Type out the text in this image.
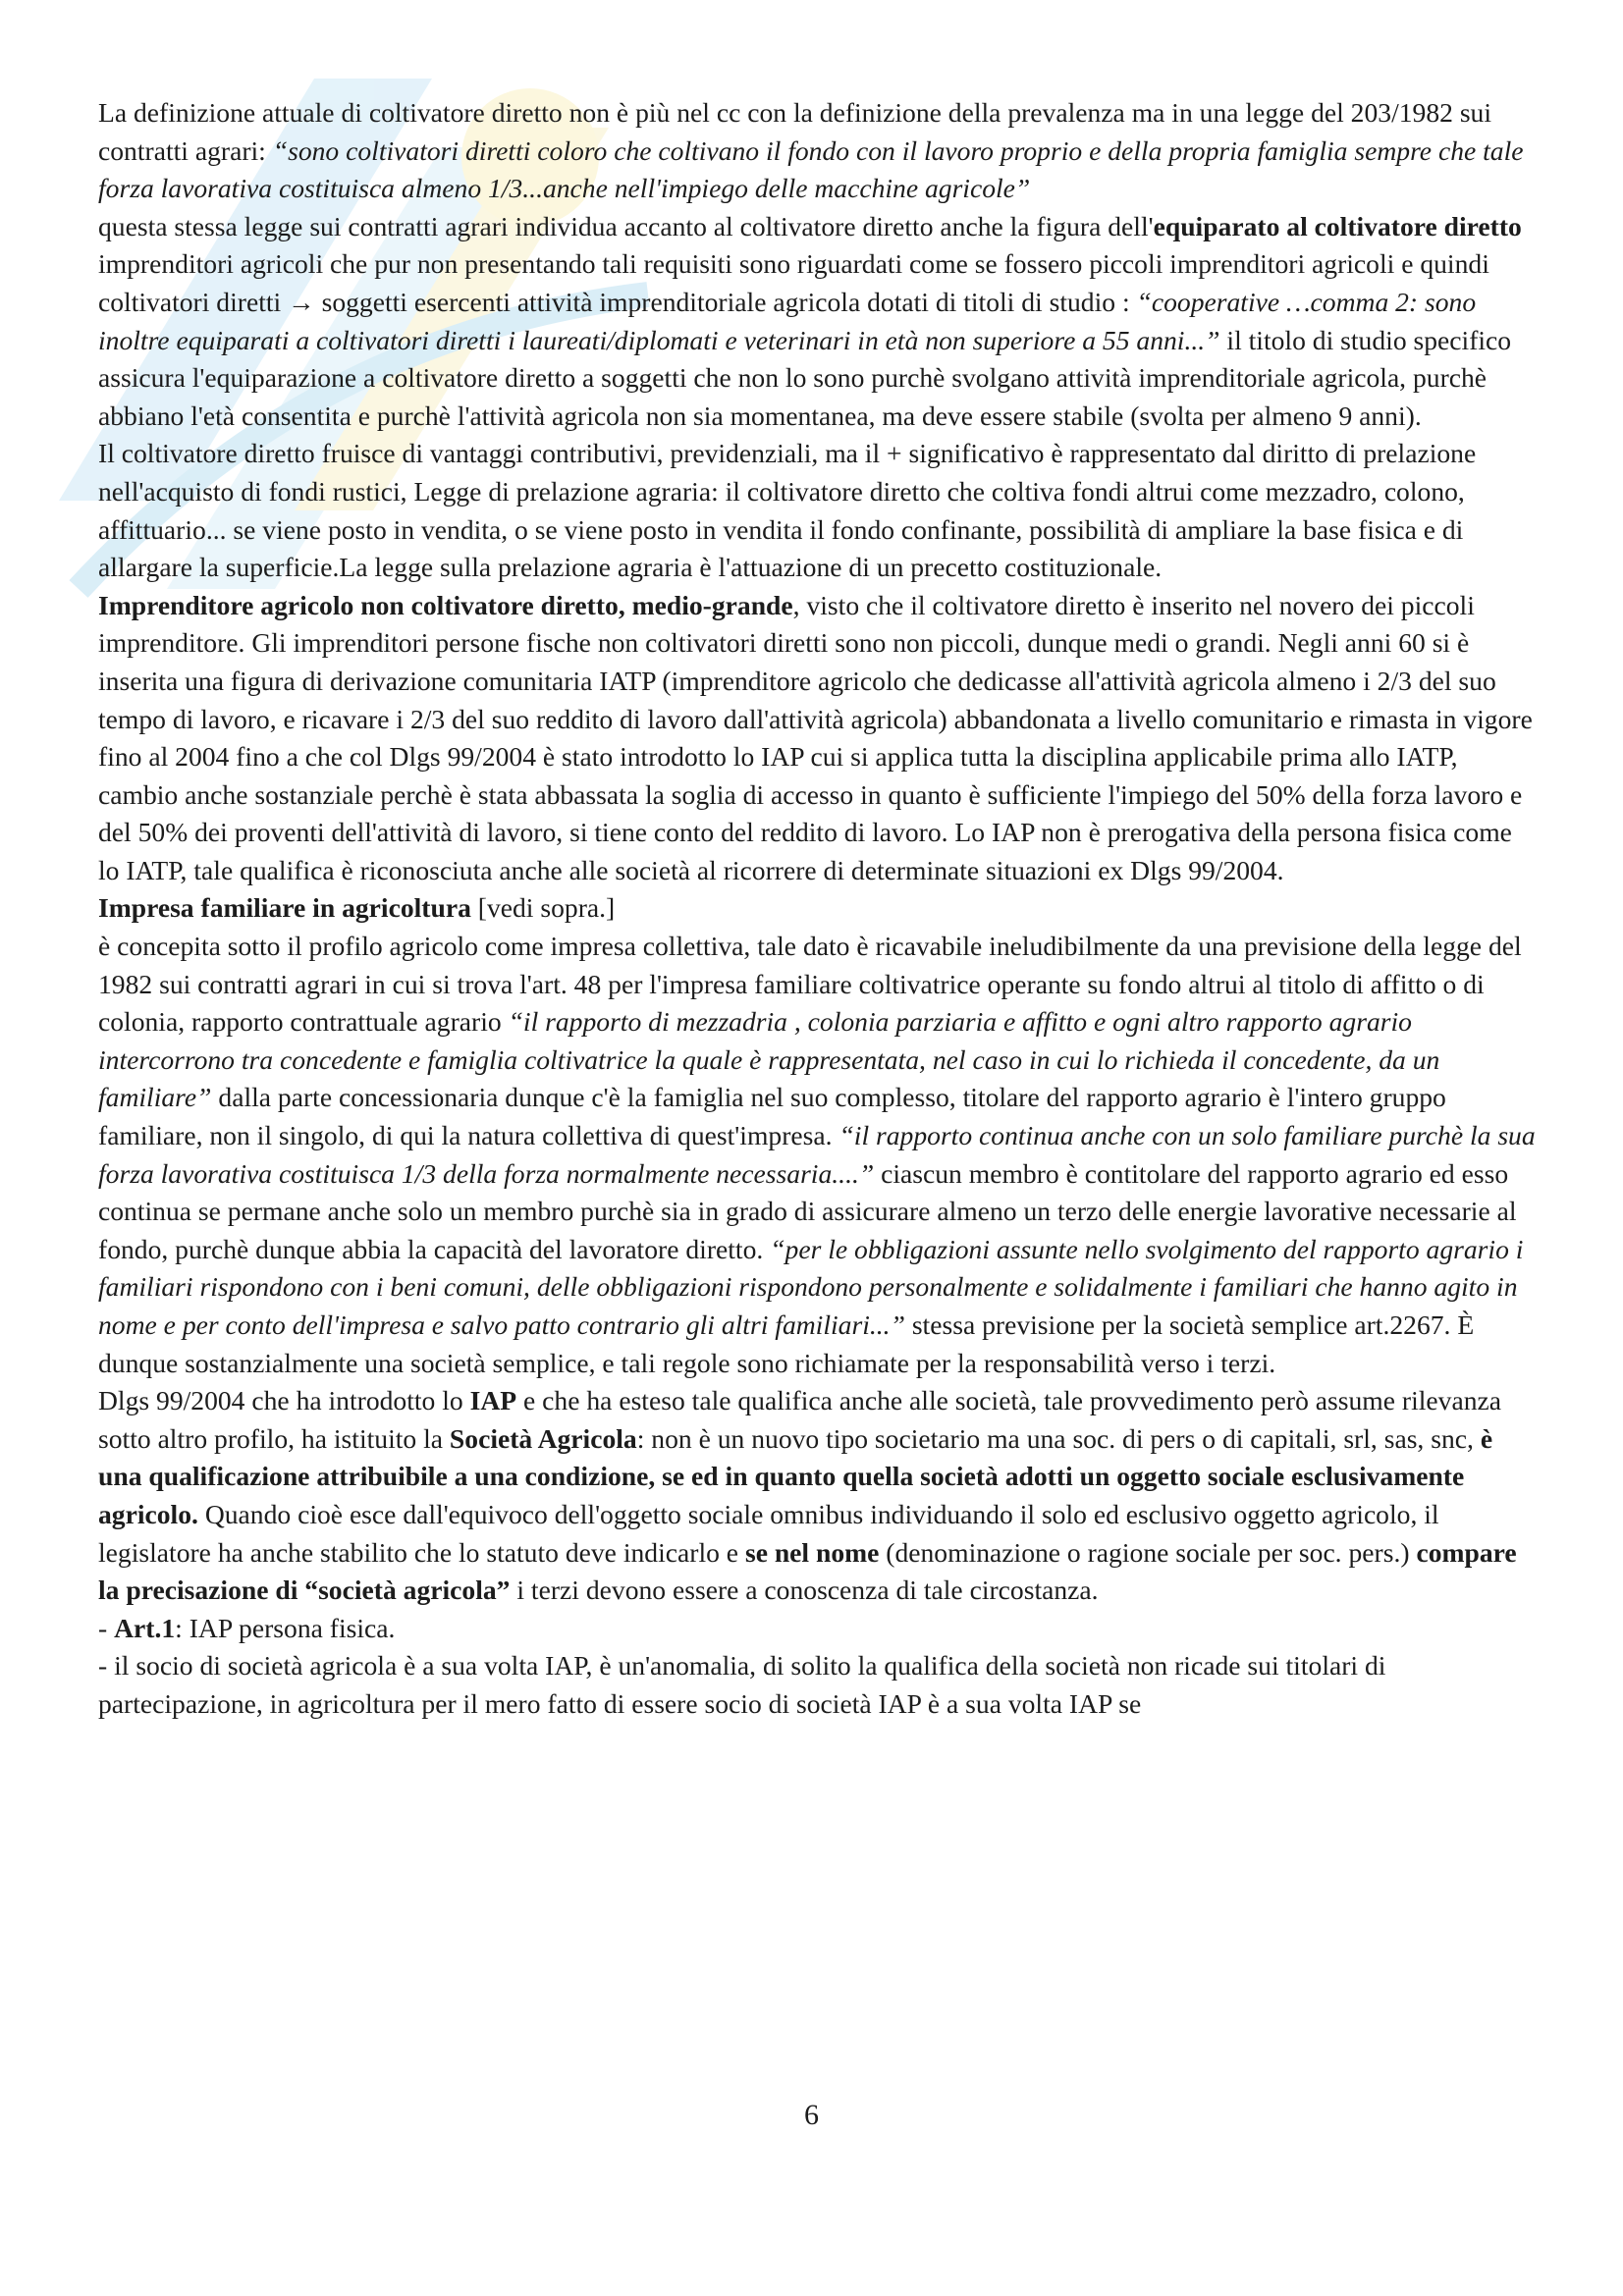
La definizione attuale di coltivatore diretto non è più nel cc con la definizione della prevalenza ma in una legge del 203/1982 sui contratti agrari: “sono coltivatori diretti coloro che coltivano il fondo con il lavoro proprio e della propria famiglia sempre che tale forza lavorativa costituisca almeno 1/3...anche nell'impiego delle macchine agricole”

questa stessa legge sui contratti agrari individua accanto al coltivatore diretto anche la figura dell'equiparato al coltivatore diretto imprenditori agricoli che pur non presentando tali requisiti sono riguardati come se fossero piccoli imprenditori agricoli e quindi coltivatori diretti → soggetti esercenti attività imprenditoriale agricola dotati di titoli di studio : “cooperative …comma 2: sono inoltre equiparati a coltivatori diretti i laureati/diplomati e veterinari in età non superiore a 55 anni...” il titolo di studio specifico assicura l'equiparazione a coltivatore diretto a soggetti che non lo sono purchè svolgano attività imprenditoriale agricola, purchè abbiano l'età consentita e purchè l'attività agricola non sia momentanea, ma deve essere stabile (svolta per almeno 9 anni).

Il coltivatore diretto fruisce di vantaggi contributivi, previdenziali, ma il + significativo è rappresentato dal diritto di prelazione nell'acquisto di fondi rustici, Legge di prelazione agraria: il coltivatore diretto che coltiva fondi altrui come mezzadro, colono, affittuario... se viene posto in vendita, o se viene posto in vendita il fondo confinante, possibilità di ampliare la base fisica e di allargare la superficie.La legge sulla prelazione agraria è l'attuazione di un precetto costituzionale.

Imprenditore agricolo non coltivatore diretto, medio-grande, visto che il coltivatore diretto è inserito nel novero dei piccoli imprenditore. Gli imprenditori persone fische non coltivatori diretti sono non piccoli, dunque medi o grandi. Negli anni 60 si è inserita una figura di derivazione comunitaria IATP (imprenditore agricolo che dedicasse all'attività agricola almeno i 2/3 del suo tempo di lavoro, e ricavare i 2/3 del suo reddito di lavoro dall'attività agricola) abbandonata a livello comunitario e rimasta in vigore fino al 2004 fino a che col Dlgs 99/2004 è stato introdotto lo IAP cui si applica tutta la disciplina applicabile prima allo IATP, cambio anche sostanziale perchè è stata abbassata la soglia di accesso in quanto è sufficiente l'impiego del 50% della forza lavoro e del 50% dei proventi dell'attività di lavoro, si tiene conto del reddito di lavoro. Lo IAP non è prerogativa della persona fisica come lo IATP, tale qualifica è riconosciuta anche alle società al ricorrere di determinate situazioni ex Dlgs 99/2004.

Impresa familiare in agricoltura [vedi sopra.]

è concepita sotto il profilo agricolo come impresa collettiva, tale dato è ricavabile ineludibilmente da una previsione della legge del 1982 sui contratti agrari in cui si trova l'art. 48 per l'impresa familiare coltivatrice operante su fondo altrui al titolo di affitto o di colonia, rapporto contrattuale agrario “il rapporto di mezzadria , colonia parziaria e affitto e ogni altro rapporto agrario intercorrono tra concedente e famiglia coltivatrice la quale è rappresentata, nel caso in cui lo richieda il concedente, da un familiare” dalla parte concessionaria dunque c'è la famiglia nel suo complesso, titolare del rapporto agrario è l'intero gruppo familiare, non il singolo, di qui la natura collettiva di quest'impresa. “il rapporto continua anche con un solo familiare purchè la sua forza lavorativa costituisca 1/3 della forza normalmente necessaria....” ciascun membro è contitolare del rapporto agrario ed esso continua se permane anche solo un membro purchè sia in grado di assicurare almeno un terzo delle energie lavorative necessarie al fondo, purchè dunque abbia la capacità del lavoratore diretto. “per le obbligazioni assunte nello svolgimento del rapporto agrario i familiari rispondono con i beni comuni, delle obbligazioni rispondono personalmente e solidalmente i familiari che hanno agito in nome e per conto dell'impresa e salvo patto contrario gli altri familiari...” stessa previsione per la società semplice art.2267. È dunque sostanzialmente una società semplice, e tali regole sono richiamate per la responsabilità verso i terzi.

Dlgs 99/2004 che ha introdotto lo IAP e che ha esteso tale qualifica anche alle società, tale provvedimento però assume rilevanza sotto altro profilo, ha istituito la Società Agricola: non è un nuovo tipo societario ma una soc. di pers o di capitali, srl, sas, snc, è una qualificazione attribuibile a una condizione, se ed in quanto quella società adotti un oggetto sociale esclusivamente agricolo. Quando cioè esce dall'equivoco dell'oggetto sociale omnibus individuando il solo ed esclusivo oggetto agricolo, il legislatore ha anche stabilito che lo statuto deve indicarlo e se nel nome (denominazione o ragione sociale per soc. pers.) compare la precisazione di “società agricola” i terzi devono essere a conoscenza di tale circostanza.

- Art.1: IAP persona fisica.

- il socio di società agricola è a sua volta IAP, è un'anomalia, di solito la qualifica della società non ricade sui titolari di partecipazione, in agricoltura per il mero fatto di essere socio di società IAP è a sua volta IAP se

6
